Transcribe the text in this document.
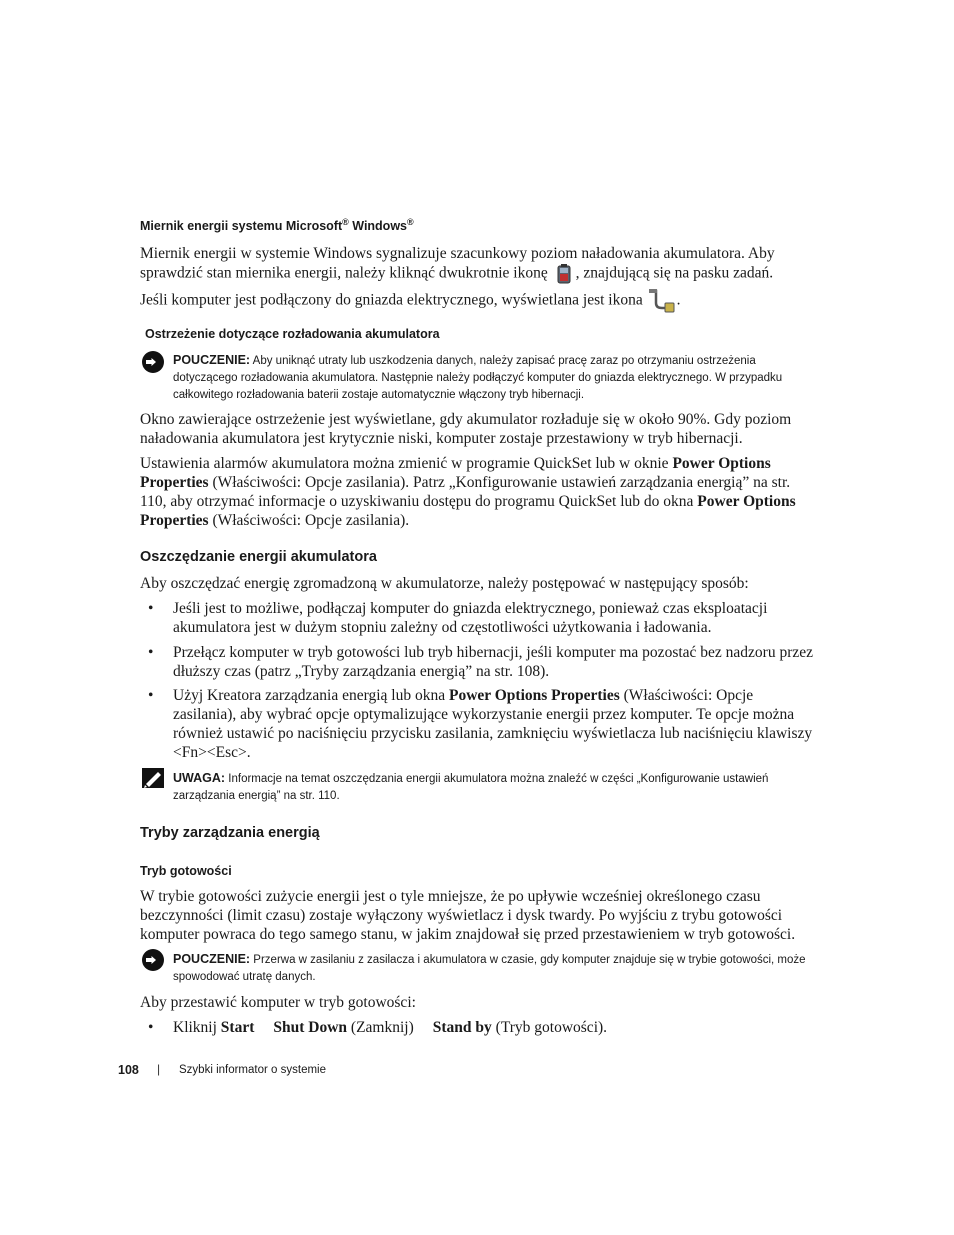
Miernik energii systemu Microsoft® Windows®
Miernik energii w systemie Windows sygnalizuje szacunkowy poziom naładowania akumulatora. Aby sprawdzić stan miernika energii, należy kliknąć dwukrotnie ikonę , znajdującą się na pasku zadań.
Jeśli komputer jest podłączony do gniazda elektrycznego, wyświetlana jest ikona .
Ostrzeżenie dotyczące rozładowania akumulatora
POUCZENIE: Aby uniknąć utraty lub uszkodzenia danych, należy zapisać pracę zaraz po otrzymaniu ostrzeżenia dotyczącego rozładowania akumulatora. Następnie należy podłączyć komputer do gniazda elektrycznego. W przypadku całkowitego rozładowania baterii zostaje automatycznie włączony tryb hibernacji.
Okno zawierające ostrzeżenie jest wyświetlane, gdy akumulator rozładuje się w około 90%. Gdy poziom naładowania akumulatora jest krytycznie niski, komputer zostaje przestawiony w tryb hibernacji.
Ustawienia alarmów akumulatora można zmienić w programie QuickSet lub w oknie Power Options Properties (Właściwości: Opcje zasilania). Patrz „Konfigurowanie ustawień zarządzania energią” na str. 110, aby otrzymać informacje o uzyskiwaniu dostępu do programu QuickSet lub do okna Power Options Properties (Właściwości: Opcje zasilania).
Oszczędzanie energii akumulatora
Aby oszczędzać energię zgromadzoną w akumulatorze, należy postępować w następujący sposób:
• Jeśli jest to możliwe, podłączaj komputer do gniazda elektrycznego, ponieważ czas eksploatacji akumulatora jest w dużym stopniu zależny od częstotliwości użytkowania i ładowania.
• Przełącz komputer w tryb gotowości lub tryb hibernacji, jeśli komputer ma pozostać bez nadzoru przez dłuższy czas (patrz „Tryby zarządzania energią” na str. 108).
• Użyj Kreatora zarządzania energią lub okna Power Options Properties (Właściwości: Opcje zasilania), aby wybrać opcje optymalizujące wykorzystanie energii przez komputer. Te opcje można również ustawić po naciśnięciu przycisku zasilania, zamknięciu wyświetlacza lub naciśnięciu klawiszy <Fn><Esc>.
UWAGA: Informacje na temat oszczędzania energii akumulatora można znaleźć w części „Konfigurowanie ustawień zarządzania energią” na str. 110.
Tryby zarządzania energią
Tryb gotowości
W trybie gotowości zużycie energii jest o tyle mniejsze, że po upływie wcześniej określonego czasu bezczynności (limit czasu) zostaje wyłączony wyświetlacz i dysk twardy. Po wyjściu z trybu gotowości komputer powraca do tego samego stanu, w jakim znajdował się przed przestawieniem w tryb gotowości.
POUCZENIE: Przerwa w zasilaniu z zasilacza i akumulatora w czasie, gdy komputer znajduje się w trybie gotowości, może spowodować utratę danych.
Aby przestawić komputer w tryb gotowości:
• Kliknij Start Shut Down (Zamknij) Stand by (Tryb gotowości).
108 | Szybki informator o systemie
